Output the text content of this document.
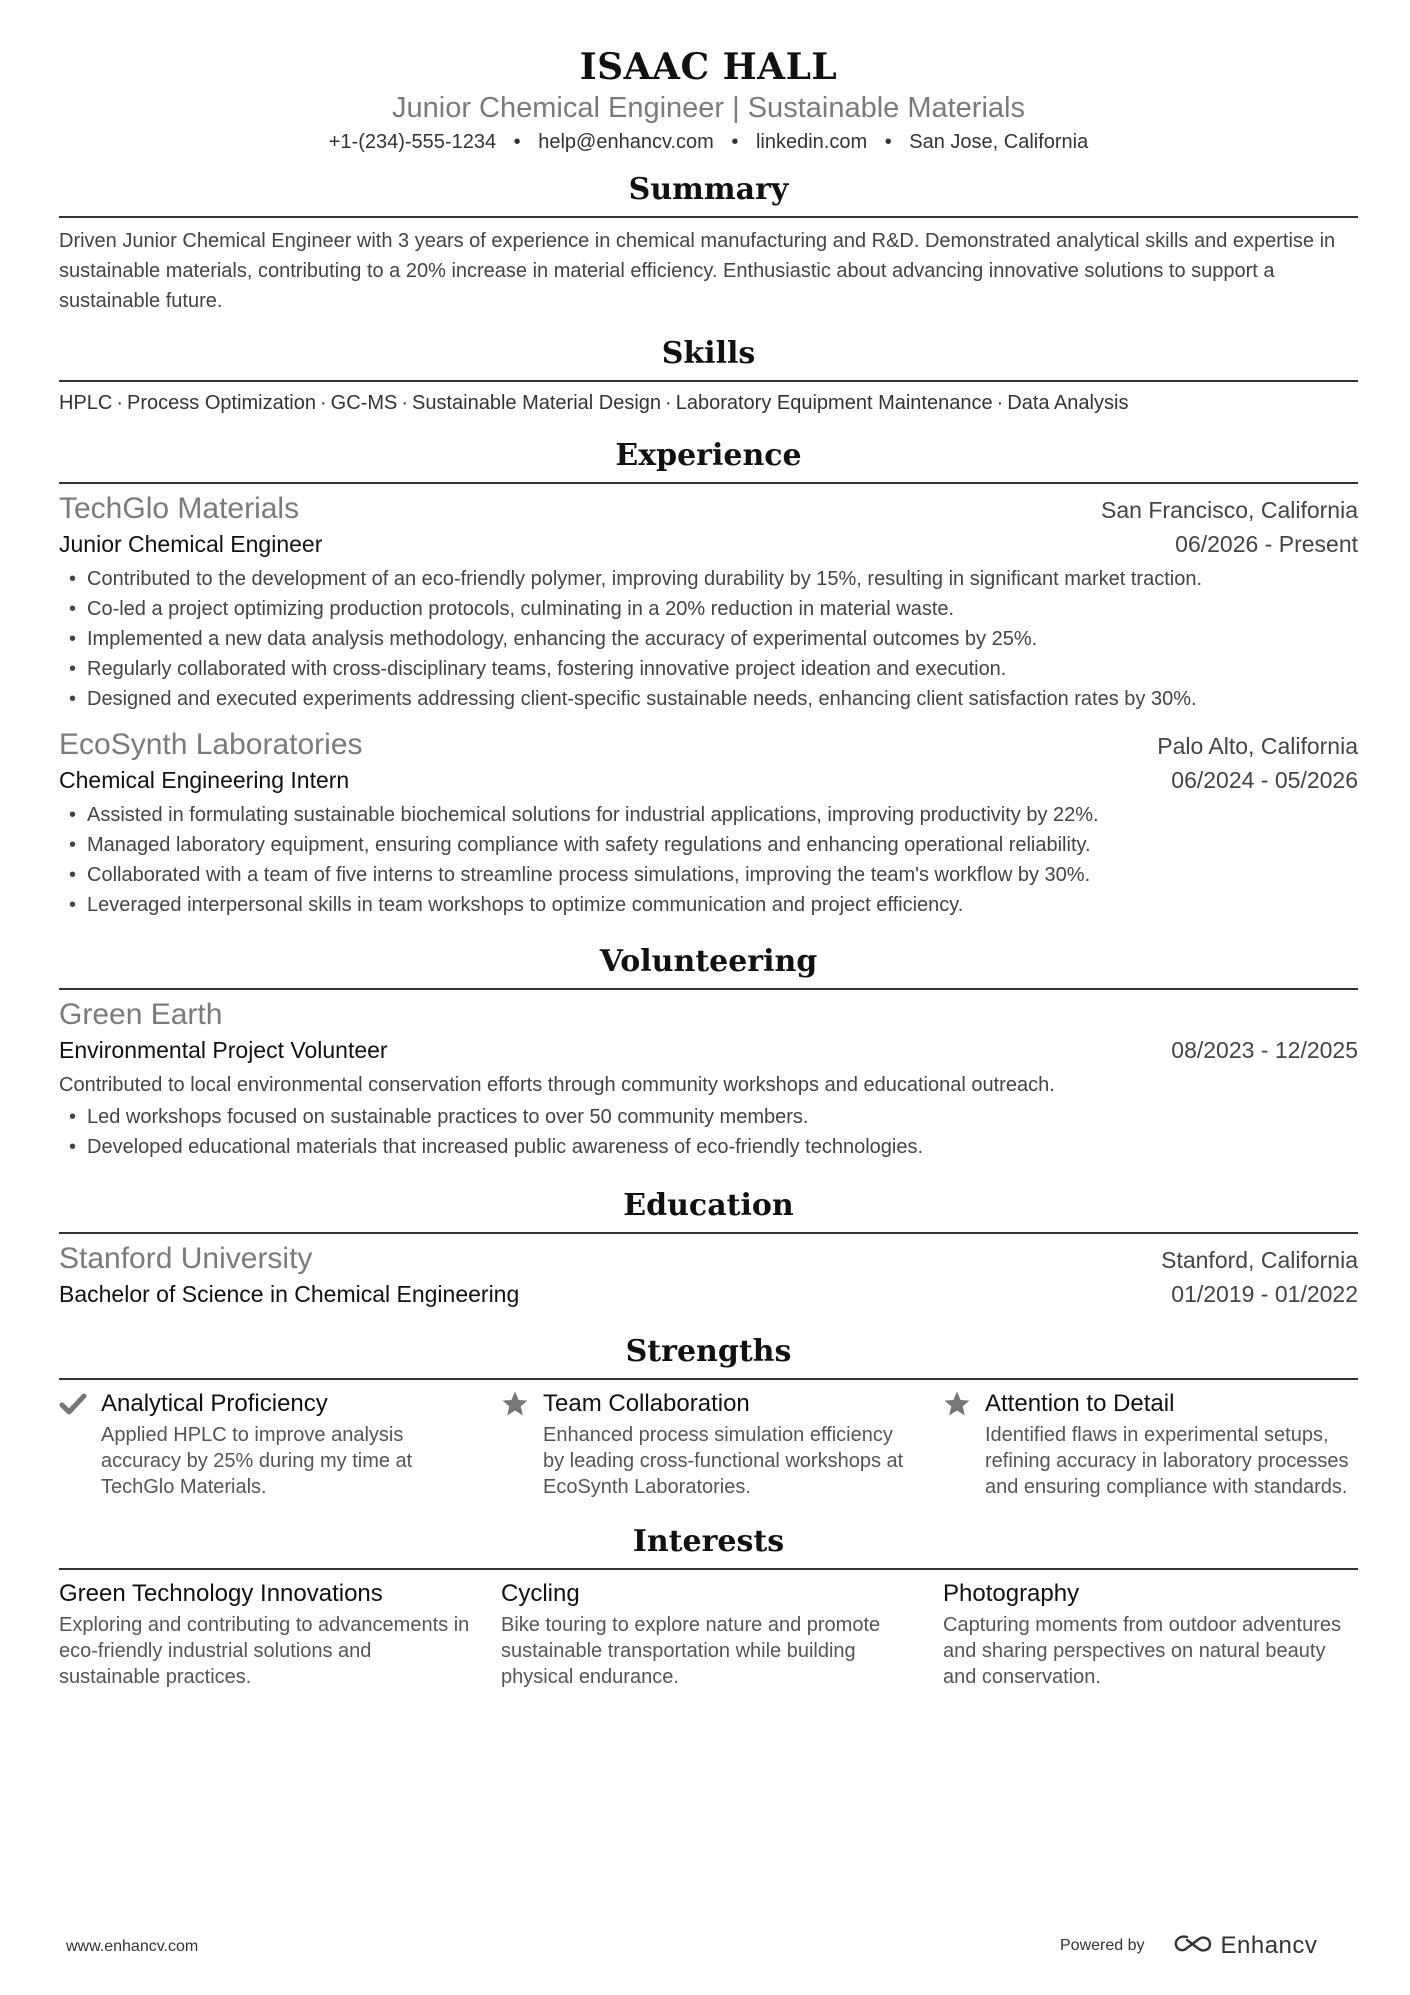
ISAAC HALL
Junior Chemical Engineer | Sustainable Materials
+1-(234)-555-1234 • help@enhancv.com • linkedin.com • San Jose, California
Summary
Driven Junior Chemical Engineer with 3 years of experience in chemical manufacturing and R&D. Demonstrated analytical skills and expertise in sustainable materials, contributing to a 20% increase in material efficiency. Enthusiastic about advancing innovative solutions to support a sustainable future.
Skills
HPLC · Process Optimization · GC-MS · Sustainable Material Design · Laboratory Equipment Maintenance · Data Analysis
Experience
TechGlo Materials	San Francisco, California
Junior Chemical Engineer	06/2026 - Present
• Contributed to the development of an eco-friendly polymer, improving durability by 15%, resulting in significant market traction.
• Co-led a project optimizing production protocols, culminating in a 20% reduction in material waste.
• Implemented a new data analysis methodology, enhancing the accuracy of experimental outcomes by 25%.
• Regularly collaborated with cross-disciplinary teams, fostering innovative project ideation and execution.
• Designed and executed experiments addressing client-specific sustainable needs, enhancing client satisfaction rates by 30%.
EcoSynth Laboratories	Palo Alto, California
Chemical Engineering Intern	06/2024 - 05/2026
• Assisted in formulating sustainable biochemical solutions for industrial applications, improving productivity by 22%.
• Managed laboratory equipment, ensuring compliance with safety regulations and enhancing operational reliability.
• Collaborated with a team of five interns to streamline process simulations, improving the team's workflow by 30%.
• Leveraged interpersonal skills in team workshops to optimize communication and project efficiency.
Volunteering
Green Earth
Environmental Project Volunteer	08/2023 - 12/2025
Contributed to local environmental conservation efforts through community workshops and educational outreach.
• Led workshops focused on sustainable practices to over 50 community members.
• Developed educational materials that increased public awareness of eco-friendly technologies.
Education
Stanford University	Stanford, California
Bachelor of Science in Chemical Engineering	01/2019 - 01/2022
Strengths
Analytical Proficiency
Applied HPLC to improve analysis accuracy by 25% during my time at TechGlo Materials.
Team Collaboration
Enhanced process simulation efficiency by leading cross-functional workshops at EcoSynth Laboratories.
Attention to Detail
Identified flaws in experimental setups, refining accuracy in laboratory processes and ensuring compliance with standards.
Interests
Green Technology Innovations
Exploring and contributing to advancements in eco-friendly industrial solutions and sustainable practices.
Cycling
Bike touring to explore nature and promote sustainable transportation while building physical endurance.
Photography
Capturing moments from outdoor adventures and sharing perspectives on natural beauty and conservation.
www.enhancv.com	Powered by	Enhancv
